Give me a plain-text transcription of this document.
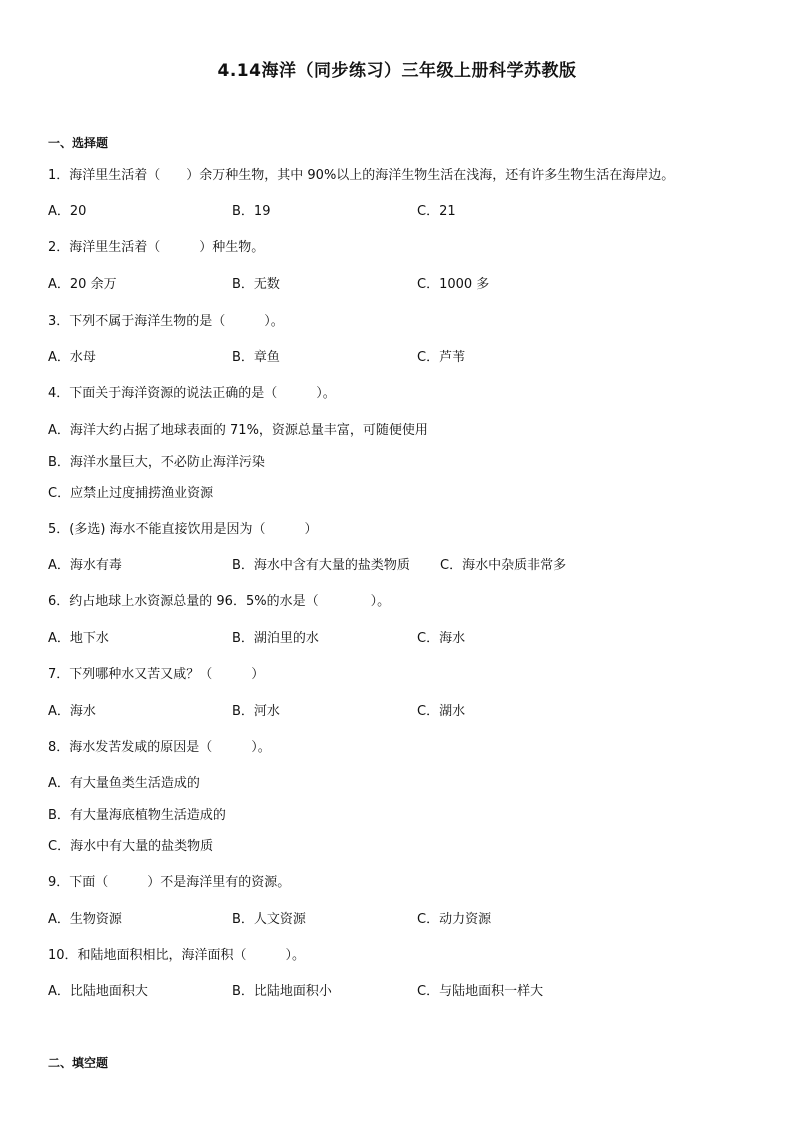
4.14海洋（同步练习）三年级上册科学苏教版
一、选择题
1．海洋里生活着（　　）余万种生物，其中 90%以上的海洋生物生活在浅海，还有许多生物生活在海岸边。
A．20	B．19	C．21
2．海洋里生活着（　　　）种生物。
A．20 余万	B．无数	C．1000 多
3．下列不属于海洋生物的是（　　　）。
A．水母	B．章鱼	C．芦苇
4．下面关于海洋资源的说法正确的是（　　　）。
A．海洋大约占据了地球表面的 71%，资源总量丰富，可随便使用
B．海洋水量巨大，不必防止海洋污染
C．应禁止过度捕捞渔业资源
5．(多选) 海水不能直接饮用是因为（　　　）
A．海水有毒	B．海水中含有大量的盐类物质 C．海水中杂质非常多
6．约占地球上水资源总量的 96．5%的水是（　　　　）。
A．地下水	B．湖泊里的水	C．海水
7．下列哪种水又苦又咸？（　　　）
A．海水	B．河水	C．湖水
8．海水发苦发咸的原因是（　　　）。
A．有大量鱼类生活造成的
B．有大量海底植物生活造成的
C．海水中有大量的盐类物质
9．下面（　　　）不是海洋里有的资源。
A．生物资源	B．人文资源	C．动力资源
10．和陆地面积相比，海洋面积（　　　）。
A．比陆地面积大	B．比陆地面积小	C．与陆地面积一样大
二、填空题
